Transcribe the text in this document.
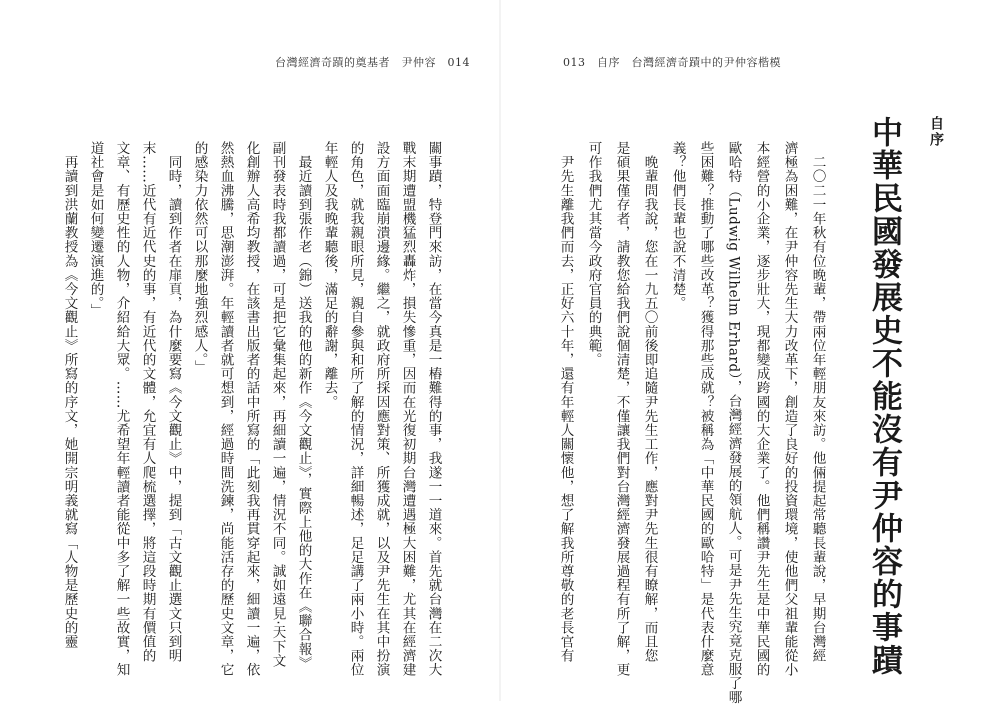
台灣經濟奇蹟的奠基者　尹仲容　014	013　自序　台灣經濟奇蹟中的尹仲容楷模
自序
中華民國發展史不能沒有尹仲容的事蹟
　二〇二一年秋有位晚輩，帶兩位年輕朋友來訪。他倆提起常聽長輩說，早期台灣經
濟極為困難，在尹仲容先生大力改革下，創造了良好的投資環境，使他們父祖輩能從小
本經營的小企業，逐步壯大，現都變成跨國的大企業了。他們稱讚尹先生是中華民國的
歐哈特（Ludwig Wilhelm Erhard），台灣經濟發展的領航人。可是尹先生究竟克服了哪
些困難？推動了哪些改革？獲得那些成就？被稱為「中華民國的歐哈特」是代表什麼意
義？他們長輩也說不清楚。
　晚輩問我說，您在一九五〇前後即追隨尹先生工作，應對尹先生很有瞭解，而且您
是碩果僅存者，請教您給我們說個清楚，不僅讓我們對台灣經濟發展過程有所了解，更
可作我們尤其當今政府官員的典範。
　尹先生離我們而去，正好六十年，還有年輕人關懷他，想了解我所尊敬的老長官有
關事蹟，特登門來訪，在當今真是一樁難得的事，我遂一一道來。首先就台灣在二次大
戰末期遭盟機猛烈轟炸，損失慘重，因而在光復初期台灣遭遇極大困難，尤其在經濟建
設方面面臨崩潰邊緣。繼之，就政府所採因應對策、所獲成就，以及尹先生在其中扮演
的角色，就我親眼所見，親自參與和所了解的情況，詳細暢述，足足講了兩小時。兩位
年輕人及我晚輩聽後，滿足的辭謝，離去。
　最近讀到張作老（錦）送我的他的新作《今文觀止》，實際上他的大作在《聯合報》
副刊發表時我都讀過，可是把它彙集起來，再細讀一遍，情況不同。誠如遠見‧天下文
化創辦人高希均教授，在該書出版者的話中所寫的「此刻我再貫穿起來，細讀一遍，依
然熱血沸騰，思潮澎湃。年輕讀者就可想到，經過時間洗鍊，尚能活存的歷史文章，它
的感染力依然可以那麼地強烈感人。」
　同時，讀到作者在扉頁，為什麼要寫《今文觀止》中，提到「古文觀止選文只到明
末……近代有近代史的事，有近代的文體，允宜有人爬梳選擇，將這段時期有價值的
文章、有歷史性的人物，介紹給大眾。……尤希望年輕讀者能從中多了解一些故實，知
道社會是如何變遷演進的。」
　再讀到洪蘭教授為《今文觀止》所寫的序文，她開宗明義就寫「人物是歷史的靈
